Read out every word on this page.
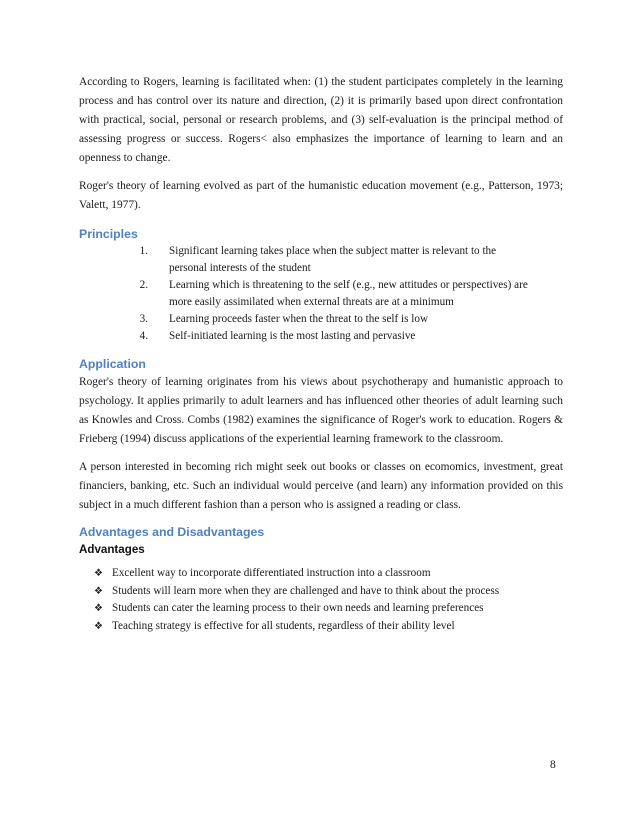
According to Rogers, learning is facilitated when: (1) the student participates completely in the learning process and has control over its nature and direction, (2) it is primarily based upon direct confrontation with practical, social, personal or research problems, and (3) self-evaluation is the principal method of assessing progress or success. Rogers< also emphasizes the importance of learning to learn and an openness to change.

Roger's theory of learning evolved as part of the humanistic education movement (e.g., Patterson, 1973; Valett, 1977).

Principles
1.	Significant learning takes place when the subject matter is relevant to the personal interests of the student
2.	Learning which is threatening to the self (e.g., new attitudes or perspectives) are more easily assimilated when external threats are at a minimum
3.	Learning proceeds faster when the threat to the self is low
4.	Self-initiated learning is the most lasting and pervasive
Application

Roger's theory of learning originates from his views about psychotherapy and humanistic approach to psychology. It applies primarily to adult learners and has influenced other theories of adult learning such as Knowles and Cross. Combs (1982) examines the significance of Roger's work to education. Rogers & Frieberg (1994) discuss applications of the experiential learning framework to the classroom.

A person interested in becoming rich might seek out books or classes on ecomomics, investment, great financiers, banking, etc. Such an individual would perceive (and learn) any information provided on this subject in a much different fashion than a person who is assigned a reading or class.

Advantages and Disadvantages
Advantages
❖ Excellent way to incorporate differentiated instruction into a classroom
❖ Students will learn more when they are challenged and have to think about the process
❖ Students can cater the learning process to their own needs and learning preferences
❖ Teaching strategy is effective for all students, regardless of their ability level
8
